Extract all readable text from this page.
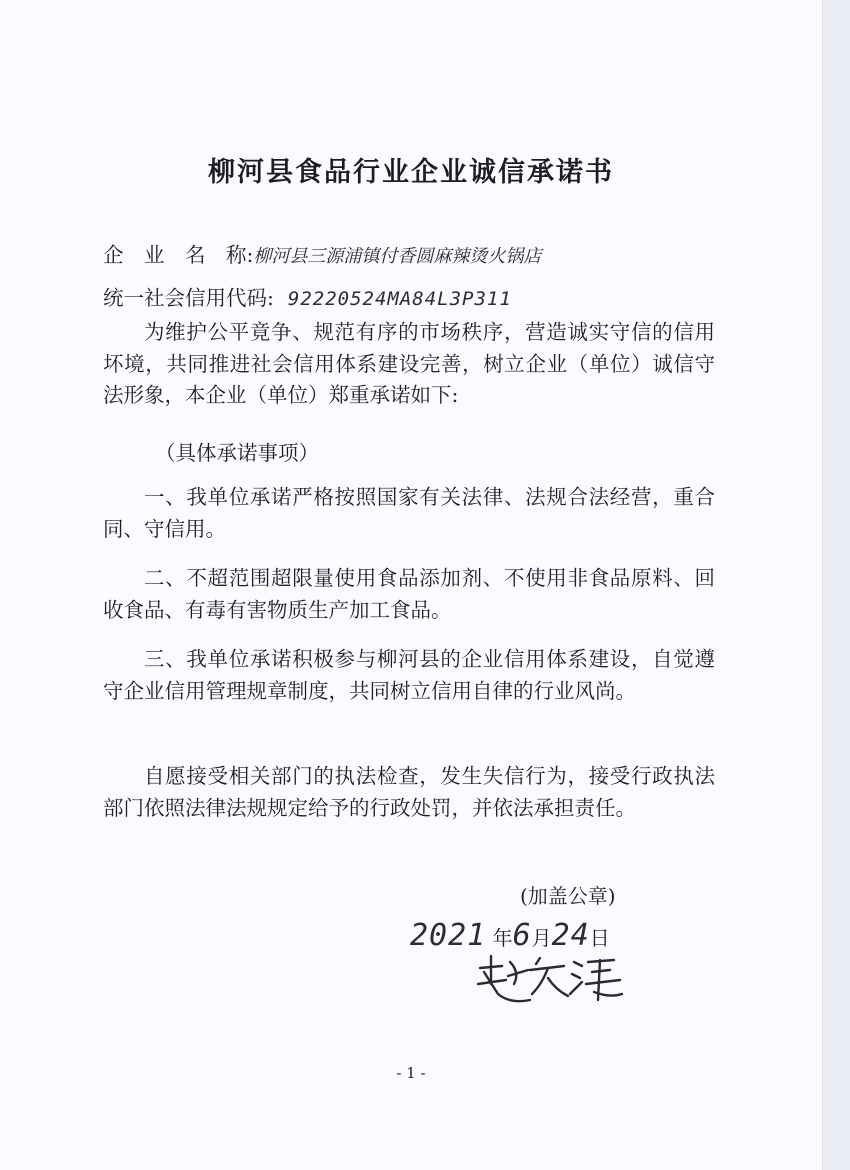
柳河县食品行业企业诚信承诺书
企　业　名　称:柳河县三源浦镇付香圆麻辣烫火锅店
统一社会信用代码: 92220524MA84L3P311
为维护公平竟争、规范有序的市场秩序，营造诚实守信的信用坏境，共同推进社会信用体系建设完善，树立企业（单位）诚信守法形象，本企业（单位）郑重承诺如下:
（具体承诺事项）
一、我单位承诺严格按照国家有关法律、法规合法经营，重合同、守信用。
二、不超范围超限量使用食品添加剂、不使用非食品原料、回收食品、有毒有害物质生产加工食品。
三、我单位承诺积极参与柳河县的企业信用体系建设，自觉遵守企业信用管理规章制度，共同树立信用自律的行业风尚。
自愿接受相关部门的执法检查，发生失信行为，接受行政执法部门依照法律法规规定给予的行政处罚，并依法承担责任。
(加盖公章)
2021 年6月24日
- 1 -
